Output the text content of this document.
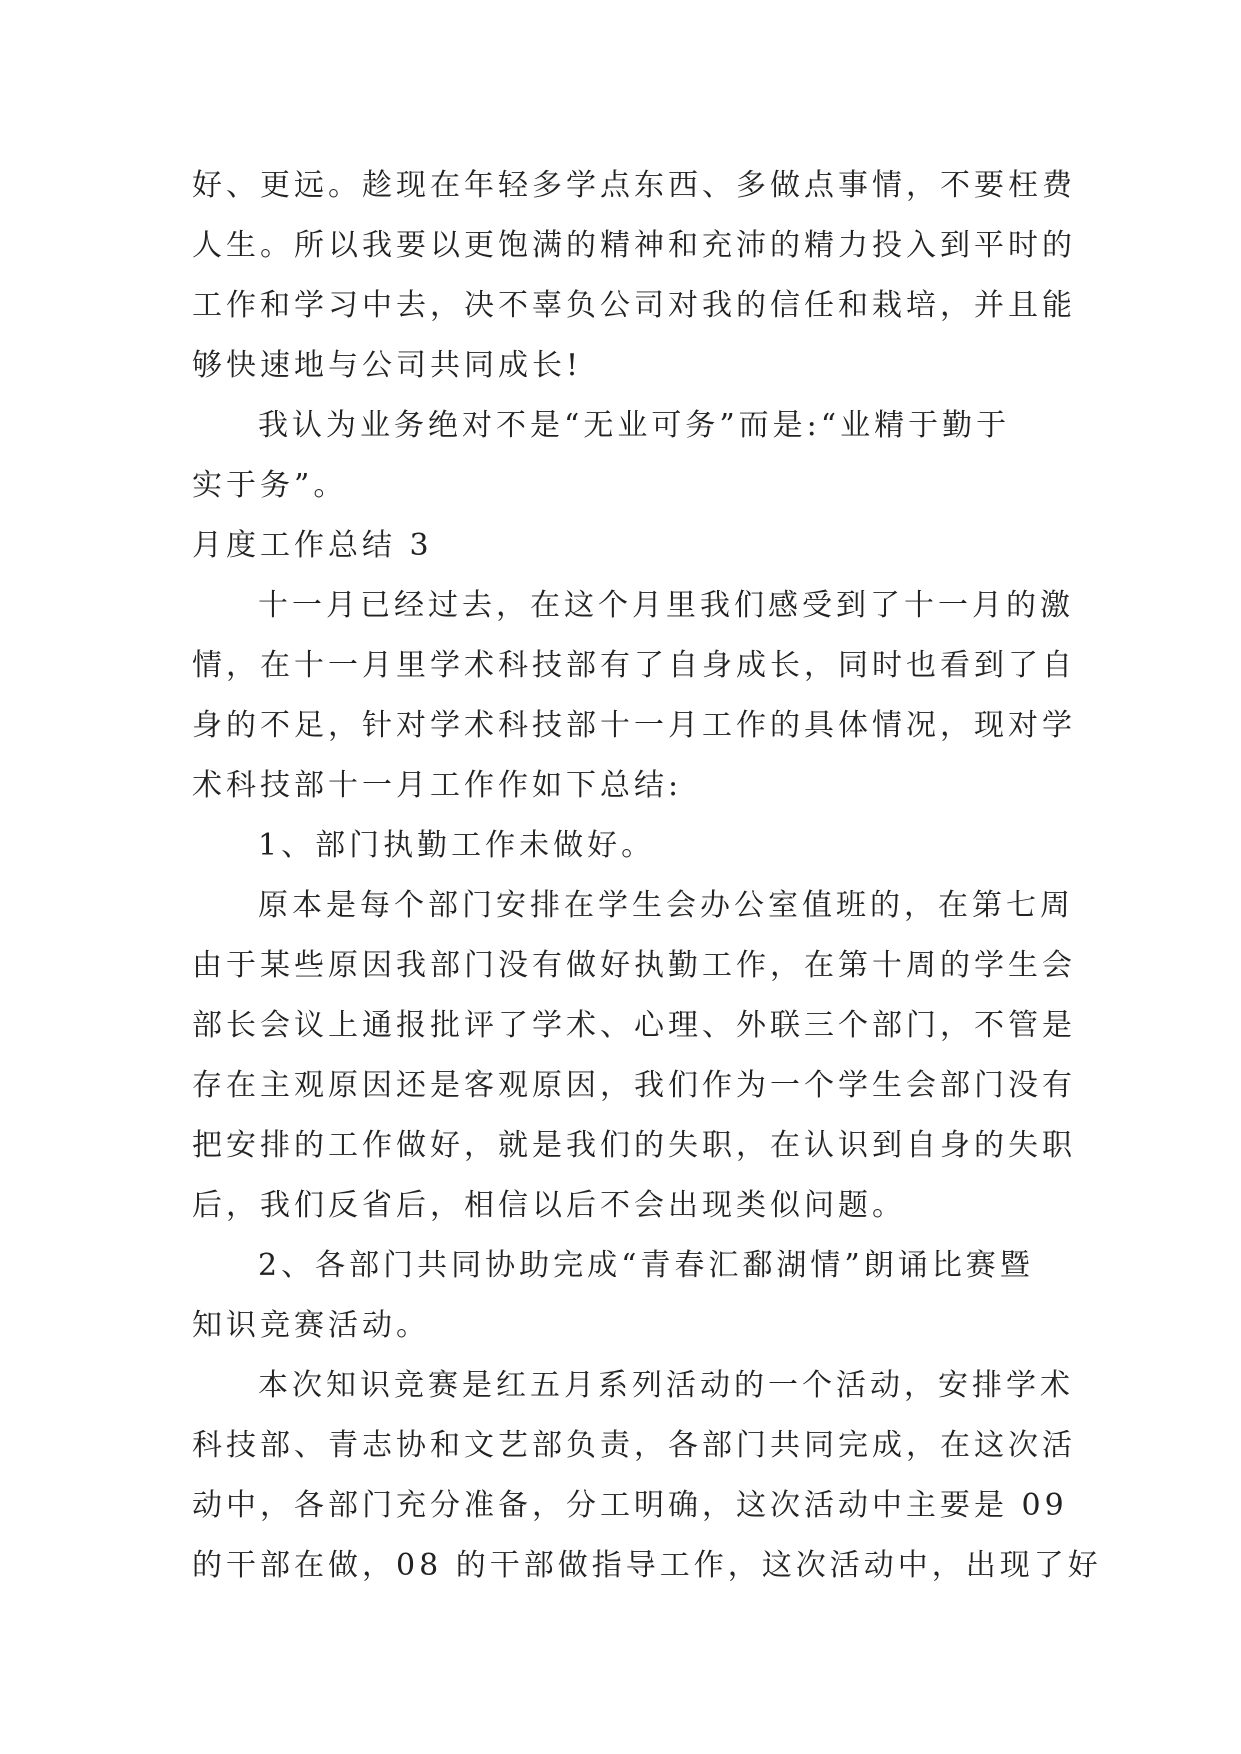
好、更远。趁现在年轻多学点东西、多做点事情，不要枉费
人生。所以我要以更饱满的精神和充沛的精力投入到平时的
工作和学习中去，决不辜负公司对我的信任和栽培，并且能
够快速地与公司共同成长!
我认为业务绝对不是“无业可务”而是:“业精于勤于
实于务”。
月度工作总结 3
十一月已经过去，在这个月里我们感受到了十一月的激
情，在十一月里学术科技部有了自身成长，同时也看到了自
身的不足，针对学术科技部十一月工作的具体情况，现对学
术科技部十一月工作作如下总结:
1、部门执勤工作未做好。
原本是每个部门安排在学生会办公室值班的，在第七周
由于某些原因我部门没有做好执勤工作，在第十周的学生会
部长会议上通报批评了学术、心理、外联三个部门，不管是
存在主观原因还是客观原因，我们作为一个学生会部门没有
把安排的工作做好，就是我们的失职，在认识到自身的失职
后，我们反省后，相信以后不会出现类似问题。
2、各部门共同协助完成“青春汇鄱湖情”朗诵比赛暨
知识竞赛活动。
本次知识竞赛是红五月系列活动的一个活动，安排学术
科技部、青志协和文艺部负责，各部门共同完成，在这次活
动中，各部门充分准备，分工明确，这次活动中主要是 09
的干部在做，08 的干部做指导工作，这次活动中，出现了好
